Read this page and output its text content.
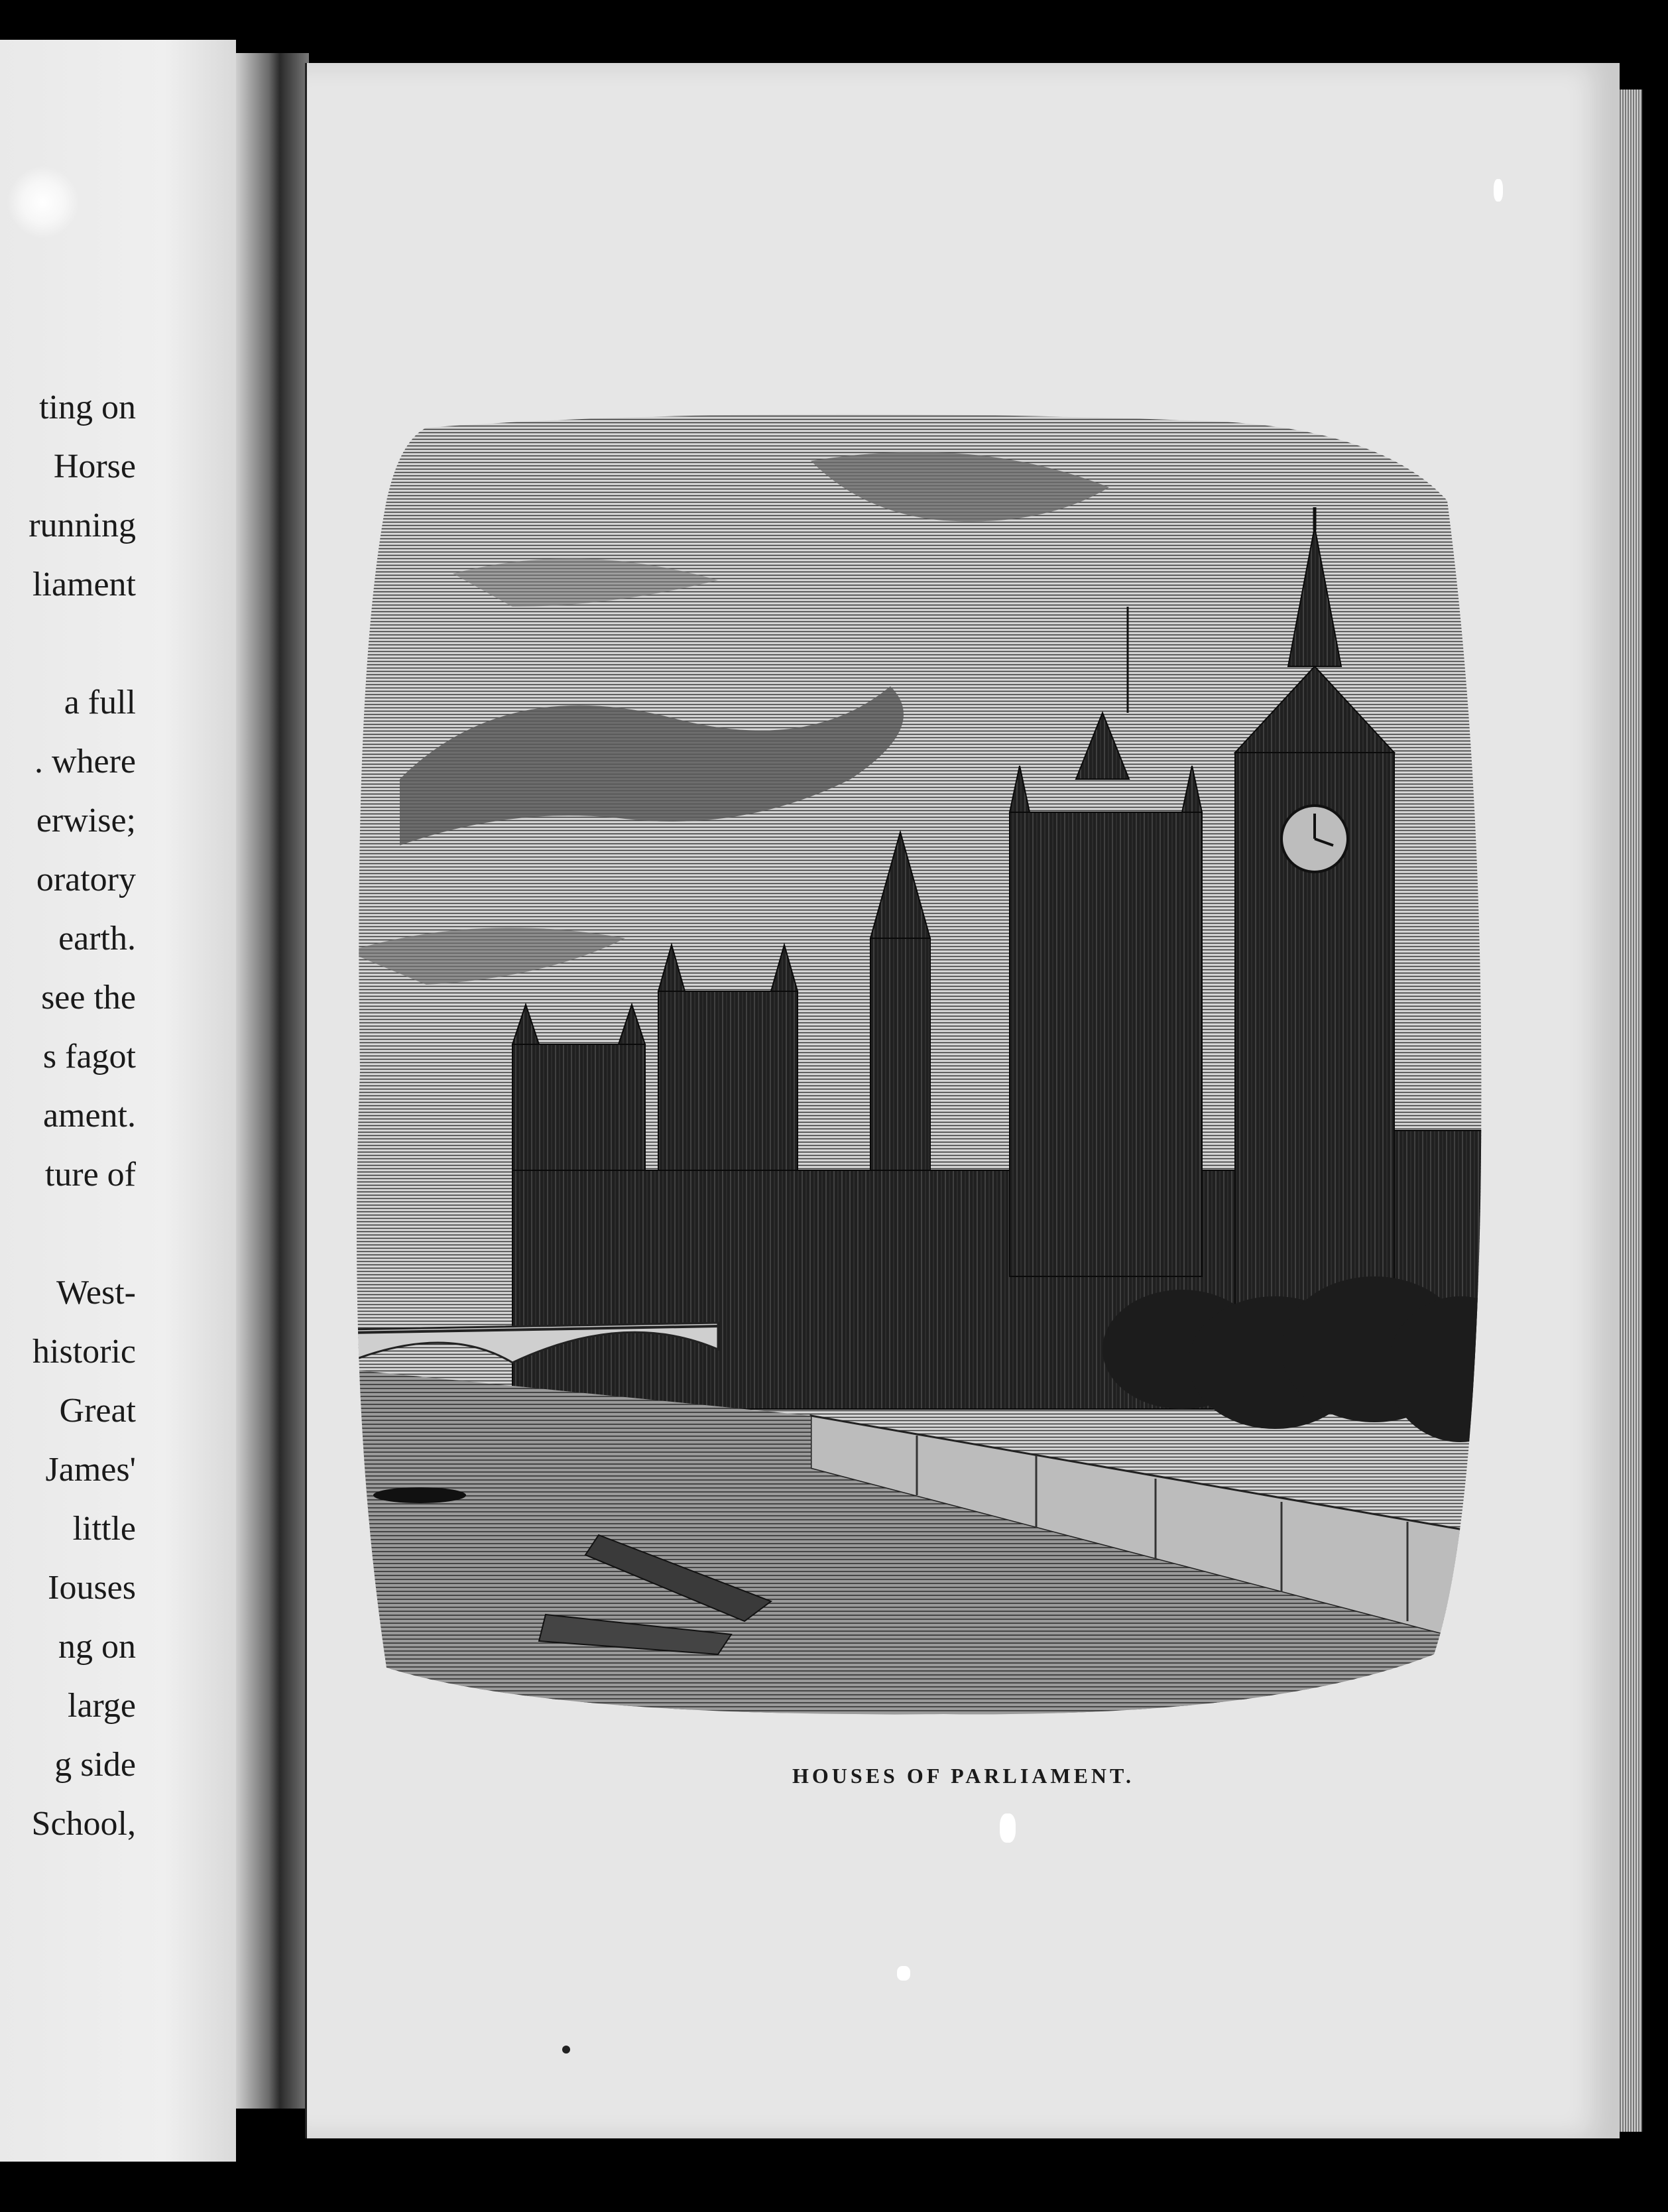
ting on
Horse
running
liament
a full
. where
erwise;
oratory
earth.
see the
s fagot
ament.
ture of
West-
historic
Great
James'
little
Iouses
ng on
large
g side
School,
HOUSES OF PARLIAMENT.
